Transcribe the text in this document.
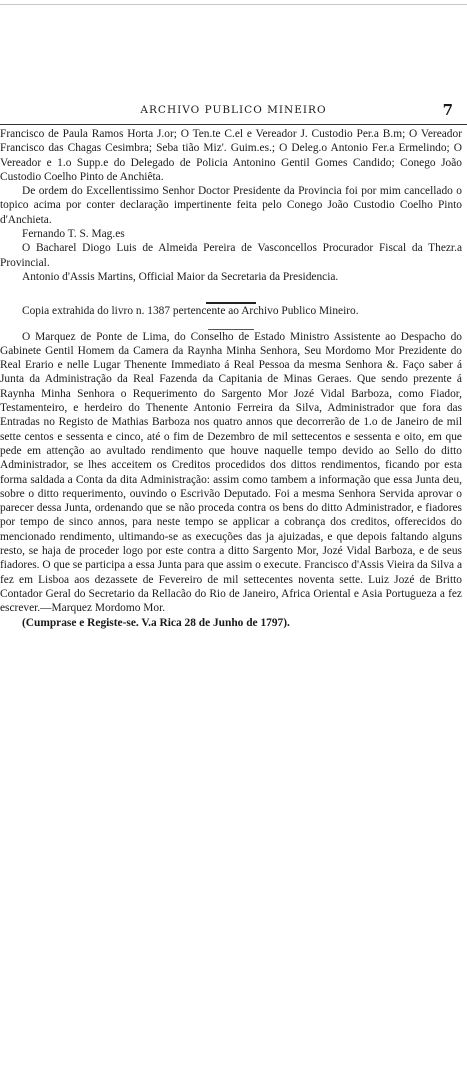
ARCHIVO PUBLICO MINEIRO	7

Francisco de Paula Ramos Horta J.or; O Ten.te C.el e Vereador J. Custodio Per.a B.m; O Vereador Francisco das Chagas Cesimbra; Seba tião Miz'. Guim.es.; O Deleg.o Antonio Fer.a Ermelindo; O Vereador e 1.o Supp.e do Delegado de Policia Antonino Gentil Gomes Candido; Conego João Custodio Coelho Pinto de Anchiêta.

De ordem do Excellentissimo Senhor Doctor Presidente da Provincia foi por mim cancellado o topico acima por conter declaração impertinente feita pelo Conego João Custodio Coelho Pinto d'Anchieta.

Fernando T. S. Mag.es

O Bacharel Diogo Luis de Almeida Pereira de Vasconcellos Procurador Fiscal da Thezr.a Provincial.

Antonio d'Assis Martins, Official Maior da Secretaria da Presidencia.

Copia extrahida do livro n. 1387 pertencente ao Archivo Publico Mineiro.

O Marquez de Ponte de Lima, do Conselho de Estado Ministro Assistente ao Despacho do Gabinete Gentil Homem da Camera da Raynha Minha Senhora, Seu Mordomo Mor Prezidente do Real Erario e nelle Lugar Thenente Immediato á Real Pessoa da mesma Senhora &. Faço saber á Junta da Administração da Real Fazenda da Capitania de Minas Geraes. Que sendo prezente á Raynha Minha Senhora o Requerimento do Sargento Mor Jozé Vidal Barboza, como Fiador, Testamenteiro, e herdeiro do Thenente Antonio Ferreira da Silva, Administrador que fora das Entradas no Registo de Mathias Barboza nos quatro annos que decorrerão de 1.o de Janeiro de mil sette centos e sessenta e cinco, até o fim de Dezembro de mil settecentos e sessenta e oito, em que pede em attenção ao avultado rendimento que houve naquelle tempo devido ao Sello do ditto Administrador, se lhes acceitem os Creditos procedidos dos dittos rendimentos, ficando por esta forma saldada a Conta da dita Administração: assim como tambem a informação que essa Junta deu, sobre o ditto requerimento, ouvindo o Escrivão Deputado. Foi a mesma Senhora Servida aprovar o parecer dessa Junta, ordenando que se não proceda contra os bens do ditto Administrador, e fiadores por tempo de sinco annos, para neste tempo se applicar a cobrança dos creditos, offerecidos do mencionado rendimento, ultimando-se as execuções das ja ajuizadas, e que depois faltando alguns resto, se haja de proceder logo por este contra a ditto Sargento Mor, Jozé Vidal Barboza, e de seus fiadores. O que se participa a essa Junta para que assim o execute. Francisco d'Assis Vieira da Silva a fez em Lisboa aos dezassete de Fevereiro de mil settecentes noventa sette. Luiz Jozé de Britto Contador Geral do Secretario da Rellacão do Rio de Janeiro, Africa Oriental e Asia Portugueza a fez escrever.—Marquez Mordomo Mor.

(Cumprase e Registe-se. V.a Rica 28 de Junho de 1797).
